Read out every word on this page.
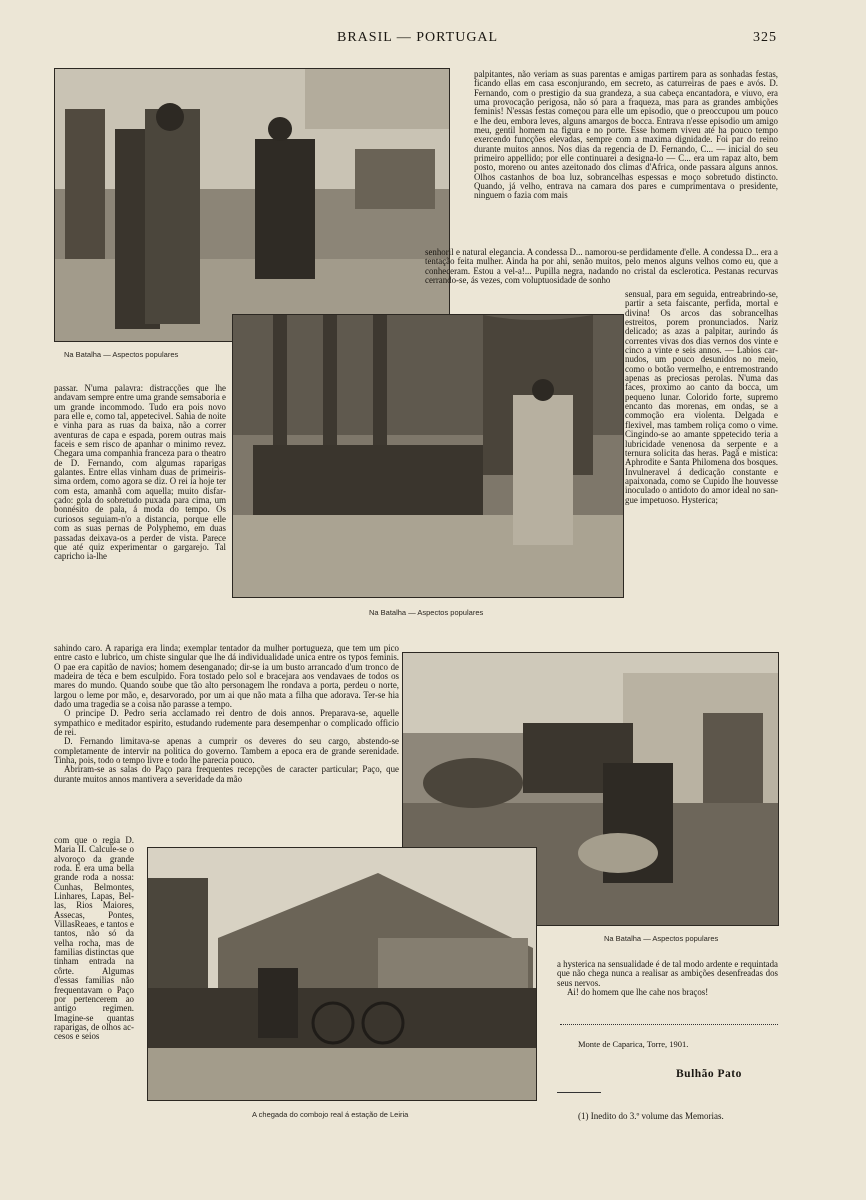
BRASIL — PORTUGAL	325
Na Batalha — Aspectos populares
Na Batalha — Aspectos populares
Na Batalha — Aspectos populares
A chegada do combojo real á estação de Leiria
palpitantes, não veriam as suas parentas e amigas partirem para as sonhadas festas, ficando ellas em casa esconjurando, em secreto, as caturreiras de paes e avós. D. Fernando, com o prestigio da sua grandeza, a sua cabeça encantadora, e viuvo, era uma provocação perigosa, não só para a fraqueza, mas para as grandes ambições feminis! N'essas festas começou para elle um episodio, que o preoccupou um pouco e lhe deu, embora leves, alguns amargos de bocca. Entrava n'esse episodio um amigo meu, gentil homem na figura e no porte. Esse homem viveu até ha pouco tempo exercendo funcções elevadas, sempre com a maxima dignidade. Foi par do reino durante muitos annos. Nos dias da regencia de D. Fernando, C... — inicial do seu primeiro appellido; por elle continuarei a designa-lo — C... era um rapaz alto, bem posto, moreno ou antes azeitonado dos climas d'Africa, onde passara alguns annos. Olhos castanhos de boa luz, sobrancelhas espessas e moço sobretudo distincto. Quando, já velho, entrava na camara dos pares e cumprimentava o presidente, ninguem o fazia com mais
senhoril e natural elegancia. A condessa D... namorou-se perdidamente d'elle. A condessa D... era a tentação feita mulher. Ainda ha por ahi, senão muitos, pelo menos alguns velhos como eu, que a conheceram. Estou a vel-a!... Pupilla negra, nadando no cristal da esclerotica. Pestanas recurvas cerrando-se, ás vezes, com voluptuosidade de sonho
sensual, para em seguida, entreabrindo-se, partir a seta faiscante, perfida, mortal e divina! Os arcos das sobrancelhas estreitos, porem pronunciados. Nariz delicado; as azas a palpitar, aurindo ás correntes vivas dos dias vernos dos vinte e cinco a vinte e seis annos. — Labios carnudos, um pouco desunidos no meio, como o botão vermelho, e entremostrando apenas as preciosas perolas. N'uma das faces, proximo ao canto da bocca, um pequeno lunar. Colorido forte, supremo encanto das morenas, em ondas, se a commoção era violenta. Delgada e flexivel, mas tambem roliça como o vime. Cingindo-se ao amante sppetecido teria a lubricidade venenosa da serpente e a ternura solicita das heras. Pagã e mistica: Aphrodite e Santa Philomena dos bosques. Invulneravel á dedicação constante e apaixonada, como se Cupido lhe houvesse inoculado o antidoto do amor ideal no sangue impetuoso. Hysterica;
passar. N'uma palavra: distracções que lhe andavam sempre entre uma grande semsaboria e um grande incommodo. Tudo era pois novo para elle e, como tal, appetecivel. Sahia de noite e vinha para as ruas da baixa, não a correr aventuras de capa e espada, porem outras mais faceis e sem risco de apanhar o minimo revez. Chegara uma companhia franceza para o theatro de D. Fernando, com algumas raparigas galantes. Entre ellas vinham duas de primeirissima ordem, como agora se diz. O rei ia hoje ter com esta, amanhã com aquella; muito disfarçado: gola do sobretudo puxada para cima, um bonnésito de pala, á moda do tempo. Os curiosos seguiam-n'o a distancia, porque elle com as suas pernas de Polyphemo, em duas passadas deixava-os a perder de vista. Parece que até quiz experimentar o gargarejo. Tal capricho ia-lhe

sahindo caro. A rapariga era linda; exemplar tentador da mulher portugueza, que tem um pico entre casto e lubrico, um chiste singular que lhe dá individualidade unica entre os typos feminis. O pae era capitão de navios; homem desenganado; dir-se ia um busto arrancado d'um tronco de madeira de téca e bem esculpido. Fora tostado pelo sol e bracejara aos vendavaes de todos os mares do mundo. Quando soube que tão alto personagem lhe rondava a porta, perdeu o norte, largou o leme por mão, e, desarvorado, por um ai que não mata a filha que adorava. Ter-se hia dado uma tragedia se a coisa não parasse a tempo.

O principe D. Pedro seria acclamado rei dentro de dois annos. Preparava-se, aquelle sympathico e meditador espirito, estudando rudemente para desempenhar o complicado officio de rei.

D. Fernando limitava-se apenas a cumprir os deveres do seu cargo, abstendo-se completamente de intervir na politica do governo. Tambem a epoca era de grande serenidade. Tinha, pois, todo o tempo livre e todo lhe parecia pouco.

Abriram-se as salas do Paço para frequentes recepções de caracter particular; Paço, que durante muitos annos mantivera a severidade da mão

com que o regia D. Maria II. Calcule-se o alvoroço da grande roda. E era uma bella grande roda a nossa: Cunhas, Belmontes, Linhares, Lapas, Bellas, Rios Maiores, Assecas, Pontes, VillasReaes, e tantos e tantos, não só da velha rocha, mas de familias distinctas que tinham entrada na côrte. Algumas d'essas familias não frequentavam o Paço por pertencerem ao antigo regimen. Imagine-se quantas raparigas, de olhos accesos e seios

a hysterica na sensualidade é de tal modo ardente e requintada que não chega nunca a realisar as ambições desenfreadas dos seus nervos.

Ai! do homem que lhe cahe nos braços!

Monte de Caparica, Torre, 1901.
Bulhão Pato
(1) Inedito do 3.º volume das Memorias.
